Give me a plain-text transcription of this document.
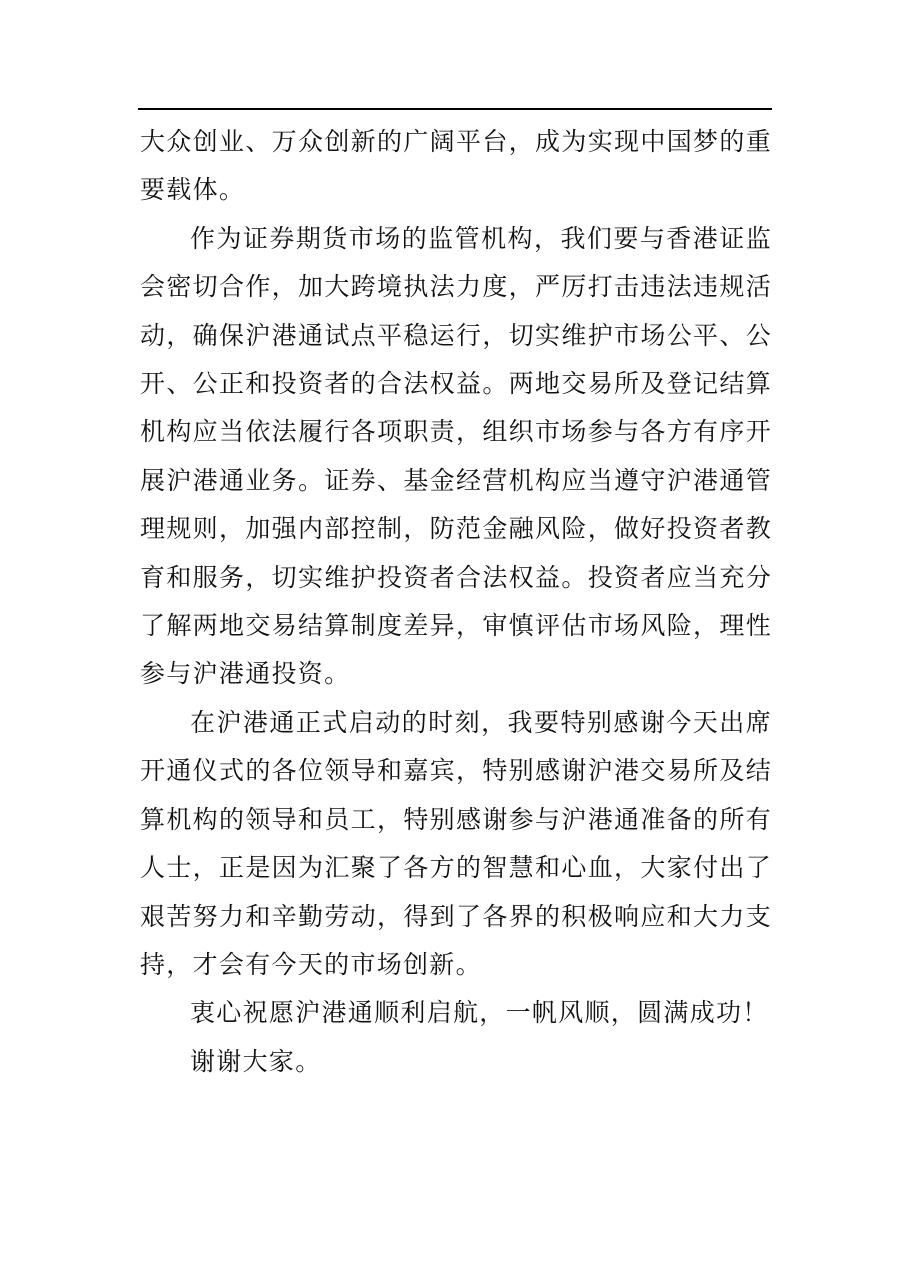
大众创业、万众创新的广阔平台，成为实现中国梦的重要载体。

作为证券期货市场的监管机构，我们要与香港证监会密切合作，加大跨境执法力度，严厉打击违法违规活动，确保沪港通试点平稳运行，切实维护市场公平、公开、公正和投资者的合法权益。两地交易所及登记结算机构应当依法履行各项职责，组织市场参与各方有序开展沪港通业务。证券、基金经营机构应当遵守沪港通管理规则，加强内部控制，防范金融风险，做好投资者教育和服务，切实维护投资者合法权益。投资者应当充分了解两地交易结算制度差异，审慎评估市场风险，理性参与沪港通投资。

在沪港通正式启动的时刻，我要特别感谢今天出席开通仪式的各位领导和嘉宾，特别感谢沪港交易所及结算机构的领导和员工，特别感谢参与沪港通准备的所有人士，正是因为汇聚了各方的智慧和心血，大家付出了艰苦努力和辛勤劳动，得到了各界的积极响应和大力支持，才会有今天的市场创新。

衷心祝愿沪港通顺利启航，一帆风顺，圆满成功！

谢谢大家。
